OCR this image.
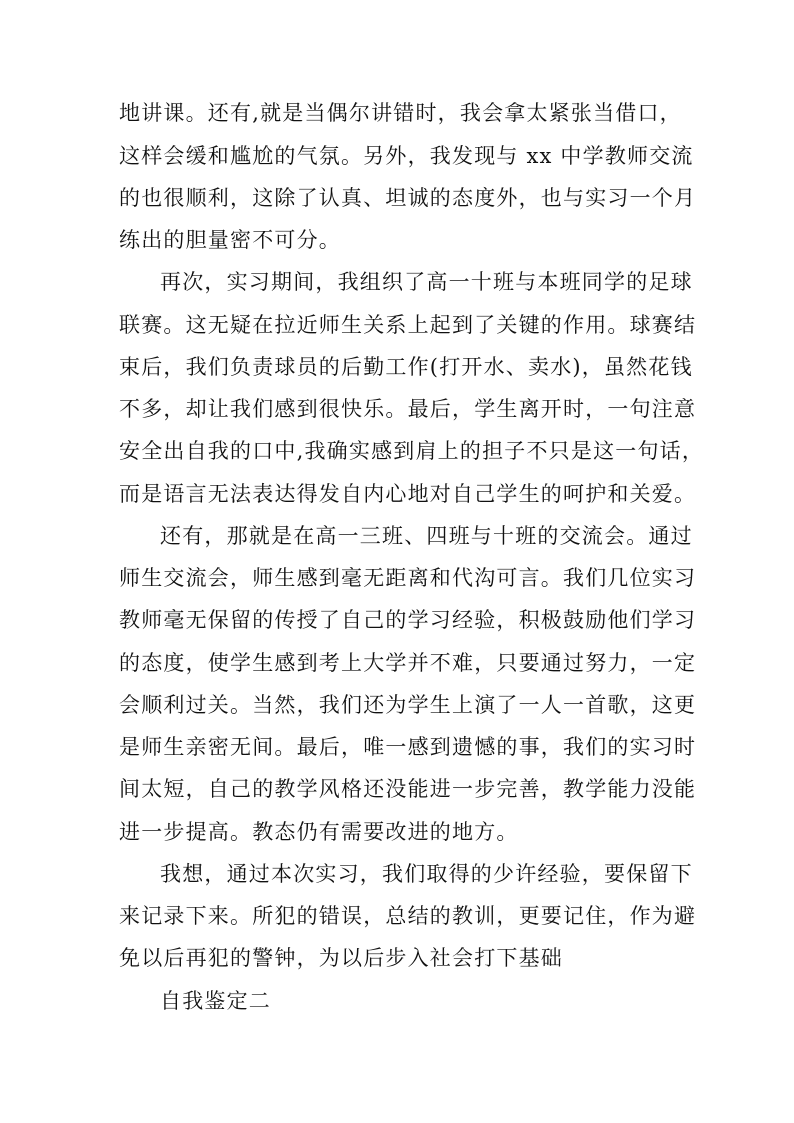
地讲课。还有,就是当偶尔讲错时，我会拿太紧张当借口，
这样会缓和尴尬的气氛。另外，我发现与 xx 中学教师交流
的也很顺利，这除了认真、坦诚的态度外，也与实习一个月
练出的胆量密不可分。
再次，实习期间，我组织了高一十班与本班同学的足球
联赛。这无疑在拉近师生关系上起到了关键的作用。球赛结
束后，我们负责球员的后勤工作(打开水、卖水)，虽然花钱
不多，却让我们感到很快乐。最后，学生离开时，一句注意
安全出自我的口中,我确实感到肩上的担子不只是这一句话，
而是语言无法表达得发自内心地对自己学生的呵护和关爱。
还有，那就是在高一三班、四班与十班的交流会。通过
师生交流会，师生感到毫无距离和代沟可言。我们几位实习
教师毫无保留的传授了自己的学习经验，积极鼓励他们学习
的态度，使学生感到考上大学并不难，只要通过努力，一定
会顺利过关。当然，我们还为学生上演了一人一首歌，这更
是师生亲密无间。最后，唯一感到遗憾的事，我们的实习时
间太短，自己的教学风格还没能进一步完善，教学能力没能
进一步提高。教态仍有需要改进的地方。
我想，通过本次实习，我们取得的少许经验，要保留下
来记录下来。所犯的错误，总结的教训，更要记住，作为避
免以后再犯的警钟，为以后步入社会打下基础
自我鉴定二
